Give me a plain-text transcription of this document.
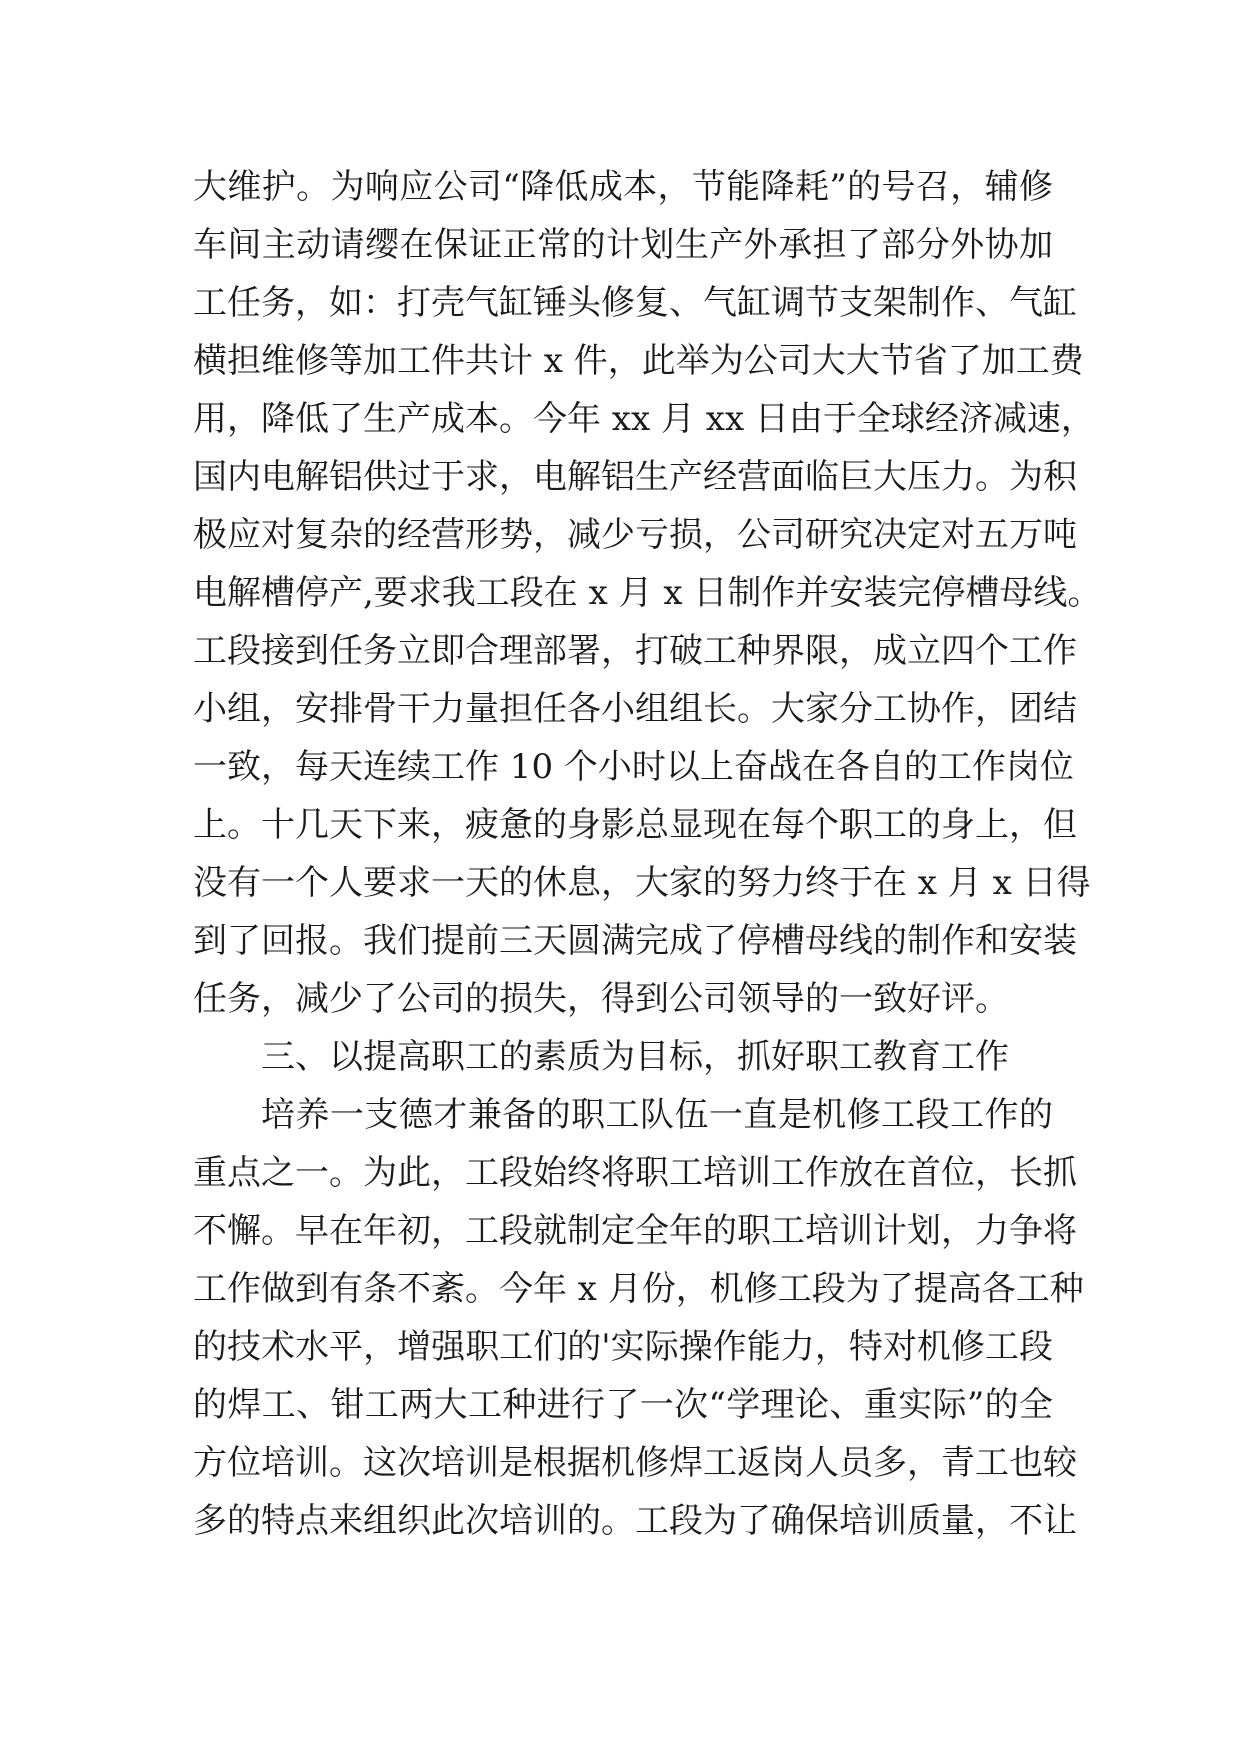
大维护。为响应公司“降低成本，节能降耗”的号召，辅修
车间主动请缨在保证正常的计划生产外承担了部分外协加
工任务，如：打壳气缸锤头修复、气缸调节支架制作、气缸
横担维修等加工件共计 x 件，此举为公司大大节省了加工费
用，降低了生产成本。今年 xx 月 xx 日由于全球经济减速，
国内电解铝供过于求，电解铝生产经营面临巨大压力。为积
极应对复杂的经营形势，减少亏损，公司研究决定对五万吨
电解槽停产,要求我工段在 x 月 x 日制作并安装完停槽母线。
工段接到任务立即合理部署，打破工种界限，成立四个工作
小组，安排骨干力量担任各小组组长。大家分工协作，团结
一致，每天连续工作 10 个小时以上奋战在各自的工作岗位
上。十几天下来，疲惫的身影总显现在每个职工的身上，但
没有一个人要求一天的休息，大家的努力终于在 x 月 x 日得
到了回报。我们提前三天圆满完成了停槽母线的制作和安装
任务，减少了公司的损失，得到公司领导的一致好评。
三、以提高职工的素质为目标，抓好职工教育工作
培养一支德才兼备的职工队伍一直是机修工段工作的
重点之一。为此，工段始终将职工培训工作放在首位，长抓
不懈。早在年初，工段就制定全年的职工培训计划，力争将
工作做到有条不紊。今年 x 月份，机修工段为了提高各工种
的技术水平，增强职工们的'实际操作能力，特对机修工段
的焊工、钳工两大工种进行了一次“学理论、重实际”的全
方位培训。这次培训是根据机修焊工返岗人员多，青工也较
多的特点来组织此次培训的。工段为了确保培训质量，不让
